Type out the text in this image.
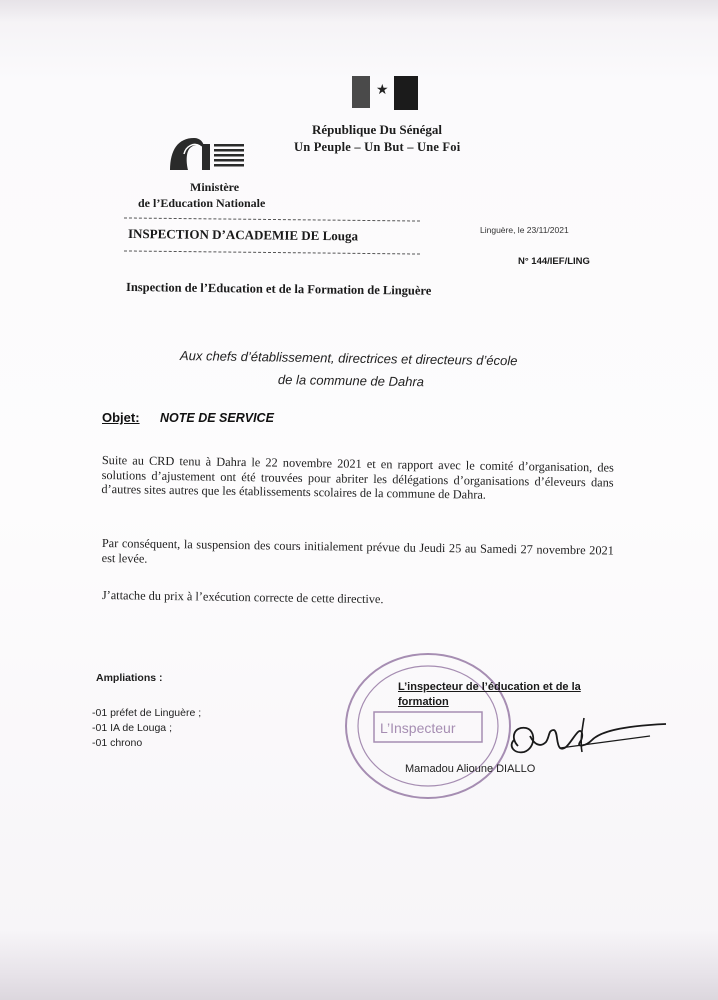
★
République Du Sénégal
Un Peuple – Un But – Une Foi
Ministère
de l’Education Nationale
INSPECTION D’ACADEMIE DE Louga	Linguère, le 23/11/2021
N° 144/IEF/LING
Inspection de l’Education et de la Formation de Linguère
Aux chefs d’établissement, directrices et directeurs d’école
de la commune de Dahra
Objet: NOTE DE SERVICE
Suite au CRD tenu à Dahra le 22 novembre 2021 et en rapport avec le comité d’organisation, des solutions d’ajustement ont été trouvées pour abriter les délégations d’organisations d’éleveurs dans d’autres sites autres que les établissements scolaires de la commune de Dahra.
Par conséquent, la suspension des cours initialement prévue du Jeudi 25 au Samedi 27 novembre 2021 est levée.
J’attache du prix à l’exécution correcte de cette directive.
Ampliations :
-01 préfet de Linguère ;
-01 IA de Louga ;
-01 chrono
L’Inspecteur
L’inspecteur de l’éducation et de la formation
Mamadou Alioune DIALLO
